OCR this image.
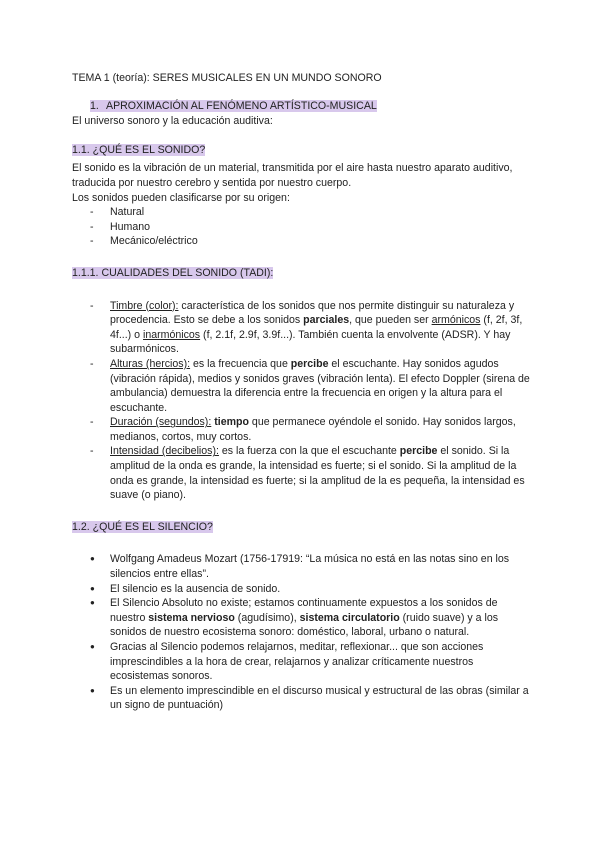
TEMA 1 (teoría): SERES MUSICALES EN UN MUNDO SONORO

1. APROXIMACIÓN AL FENÓMENO ARTÍSTICO-MUSICAL

El universo sonoro y la educación auditiva:

1.1. ¿QUÉ ES EL SONIDO?

El sonido es la vibración de un material, transmitida por el aire hasta nuestro aparato auditivo, traducida por nuestro cerebro y sentida por nuestro cuerpo.

Los sonidos pueden clasificarse por su origen:

- Natural
- Humano
- Mecánico/eléctrico

1.1.1. CUALIDADES DEL SONIDO (TADI):

- Timbre (color): característica de los sonidos que nos permite distinguir su naturaleza y procedencia. Esto se debe a los sonidos parciales, que pueden ser armónicos (f, 2f, 3f, 4f...) o inarmónicos (f, 2.1f, 2.9f, 3.9f...). También cuenta la envolvente (ADSR). Y hay subarmónicos.
- Alturas (hercios): es la frecuencia que percibe el escuchante. Hay sonidos agudos (vibración rápida), medios y sonidos graves (vibración lenta). El efecto Doppler (sirena de ambulancia) demuestra la diferencia entre la frecuencia en origen y la altura para el escuchante.
- Duración (segundos): tiempo que permanece oyéndole el sonido. Hay sonidos largos, medianos, cortos, muy cortos.
- Intensidad (decibelios): es la fuerza con la que el escuchante percibe el sonido. Si la amplitud de la onda es grande, la intensidad es fuerte; si el sonido. Si la amplitud de la onda es grande, la intensidad es fuerte; si la amplitud de la es pequeña, la intensidad es suave (o piano).

1.2. ¿QUÉ ES EL SILENCIO?

● Wolfgang Amadeus Mozart (1756-17919: “La música no está en las notas sino en los silencios entre ellas”.
● El silencio es la ausencia de sonido.
● El Silencio Absoluto no existe; estamos continuamente expuestos a los sonidos de nuestro sistema nervioso (agudísimo), sistema circulatorio (ruido suave) y a los sonidos de nuestro ecosistema sonoro: doméstico, laboral, urbano o natural.
● Gracias al Silencio podemos relajarnos, meditar, reflexionar... que son acciones imprescindibles a la hora de crear, relajarnos y analizar críticamente nuestros ecosistemas sonoros.
● Es un elemento imprescindible en el discurso musical y estructural de las obras (similar a un signo de puntuación)
